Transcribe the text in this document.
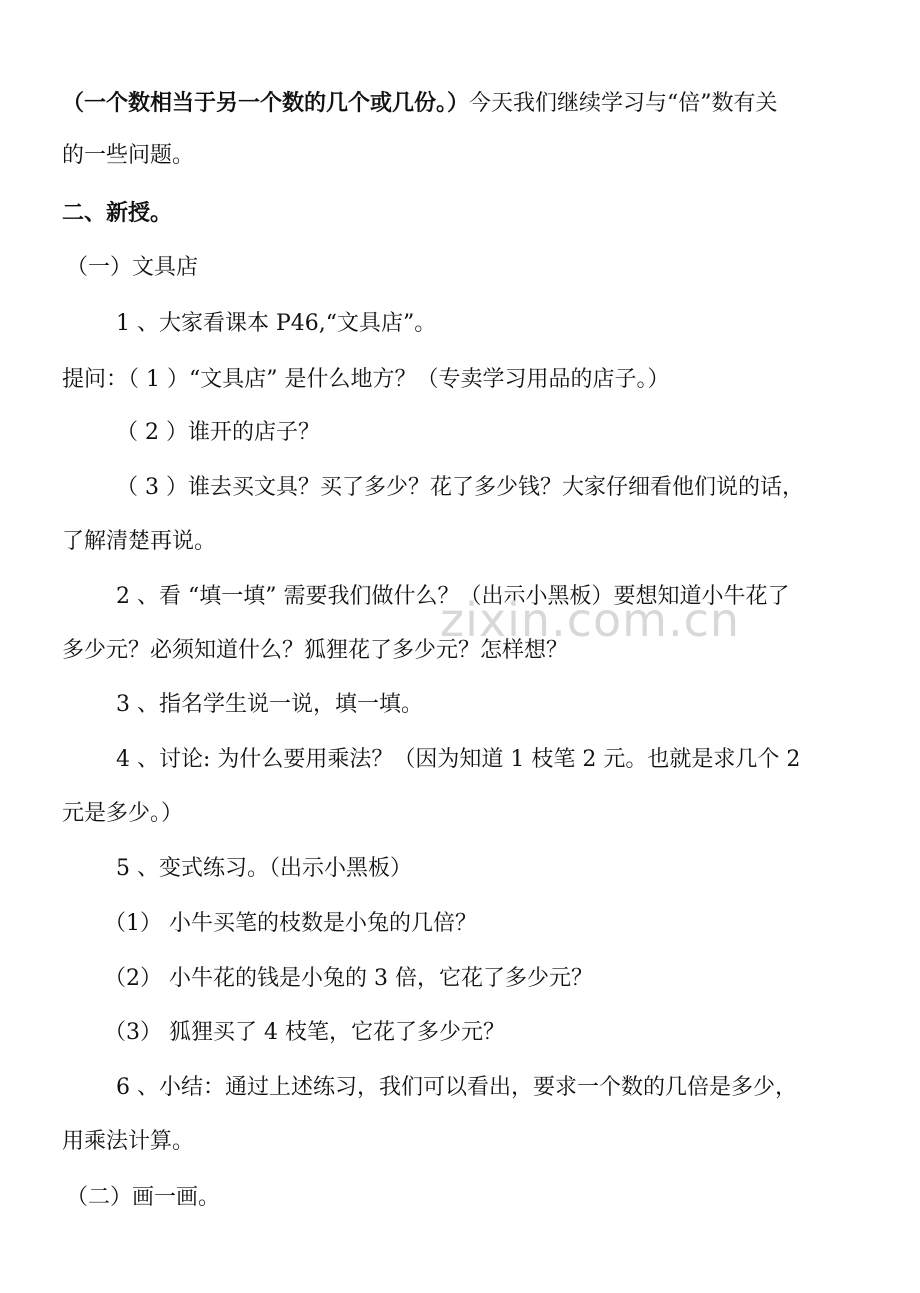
（一个数相当于另一个数的几个或几份。）今天我们继续学习与“倍”数有关
的一些问题。
二、新授。
（一）文具店
1 、大家看课本 P46,“文具店”。
提问：（ 1 ）“文具店” 是什么地方？（专卖学习用品的店子。）
（ 2 ）谁开的店子？
（ 3 ）谁去买文具？买了多少？花了多少钱？大家仔细看他们说的话，
了解清楚再说。
2 、看 “填一填” 需要我们做什么？（出示小黑板）要想知道小牛花了
多少元？必须知道什么？狐狸花了多少元？怎样想？
3 、指名学生说一说，填一填。
4 、讨论: 为什么要用乘法？（因为知道 1 枝笔 2 元。也就是求几个 2
元是多少。）
5 、变式练习。（出示小黑板）
（1） 小牛买笔的枝数是小兔的几倍？
（2） 小牛花的钱是小兔的 3 倍，它花了多少元？
（3） 狐狸买了 4 枝笔，它花了多少元？
6 、小结：通过上述练习，我们可以看出，要求一个数的几倍是多少，
用乘法计算。
（二）画一画。
zixin.com.cn
